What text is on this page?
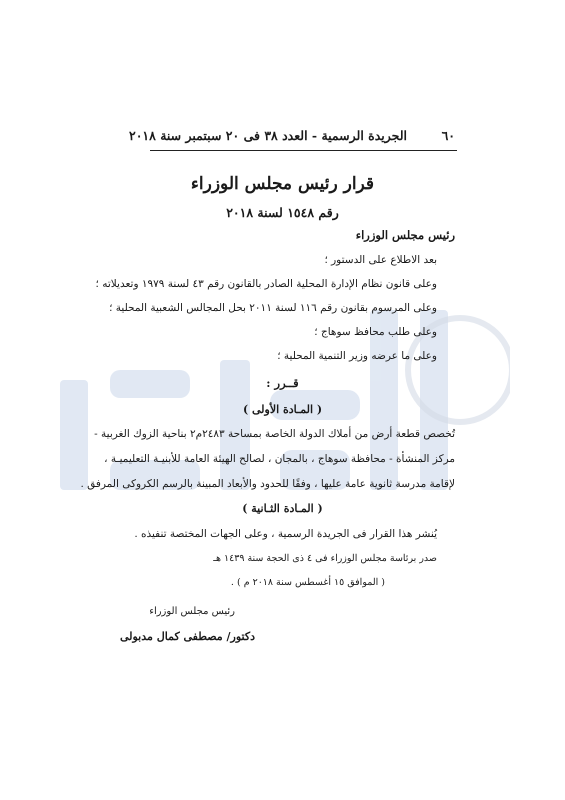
٦٠
الجريدة الرسمية - العدد ٣٨ فى ٢٠ سبتمبر سنة ٢٠١٨
قرار رئيس مجلس الوزراء
رقم ١٥٤٨ لسنة ٢٠١٨
رئيس مجلس الوزراء
بعد الاطلاع على الدستور ؛
وعلى قانون نظام الإدارة المحلية الصادر بالقانون رقم ٤٣ لسنة ١٩٧٩ وتعديلاته ؛
وعلى المرسوم بقانون رقم ١١٦ لسنة ٢٠١١ بحل المجالس الشعبية المحلية ؛
وعلى طلب محافظ سوهاج ؛
وعلى ما عرضه وزير التنمية المحلية ؛
قــرر :
( المـادة الأولى )
تُخصص قطعة أرض من أملاك الدولة الخاصة بمساحة ٢٤٨٣م٢ بناحية الزوك الغربية -
مركز المنشأة - محافظة سوهاج ، بالمجان ، لصالح الهيئة العامة للأبنيـة التعليميـة ،
لإقامة مدرسة ثانوية عامة عليها ، وفقًا للحدود والأبعاد المبينة بالرسم الكروكى المرفق .
( المـادة الثـانية )
يُنشر هذا القرار فى الجريدة الرسمية ، وعلى الجهات المختصة تنفيذه .
صدر برئاسة مجلس الوزراء فى ٤ ذى الحجة سنة ١٤٣٩ هـ
( الموافق ١٥ أغسطس سنة ٢٠١٨ م ) .
رئيس مجلس الوزراء
دكتور/ مصطفى كمال مدبولى
